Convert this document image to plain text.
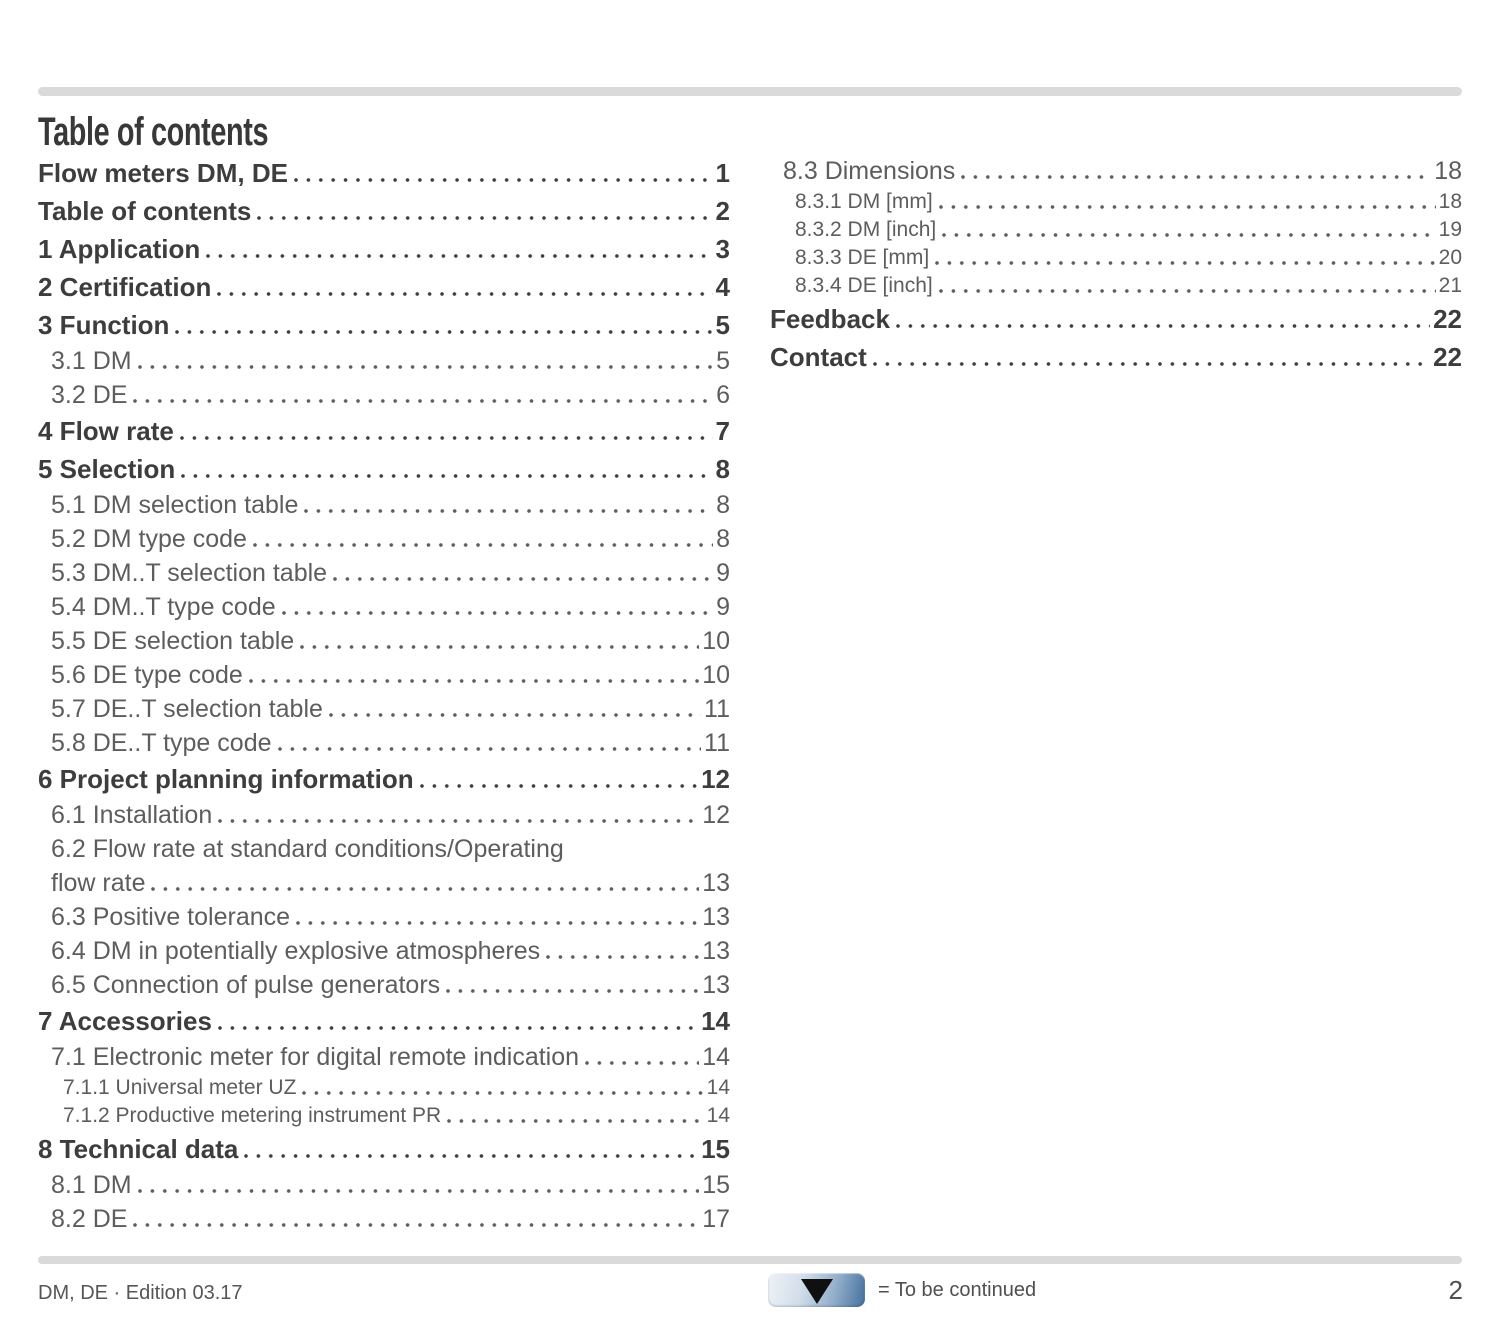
Table of contents
Flow meters DM, DE	1
Table of contents	2
1 Application	3
2 Certification	4
3 Function	5
3.1 DM	5
3.2 DE	6
4 Flow rate	7
5 Selection	8
5.1 DM selection table	8
5.2 DM type code	8
5.3 DM..T selection table	9
5.4 DM..T type code	9
5.5 DE selection table	10
5.6 DE type code	10
5.7 DE..T selection table	11
5.8 DE..T type code	11
6 Project planning information	12
6.1 Installation	12
6.2 Flow rate at standard conditions/Operating
flow rate	13
6.3 Positive tolerance	13
6.4 DM in potentially explosive atmospheres	13
6.5 Connection of pulse generators	13
7 Accessories	14
7.1 Electronic meter for digital remote indication	14
7.1.1 Universal meter UZ	14
7.1.2 Productive metering instrument PR	14
8 Technical data	15
8.1 DM	15
8.2 DE	17
8.3 Dimensions	18
8.3.1 DM [mm]	18
8.3.2 DM [inch]	19
8.3.3 DE [mm]	20
8.3.4 DE [inch]	21
Feedback	22
Contact	22
DM, DE · Edition 03.17	= To be continued	2
